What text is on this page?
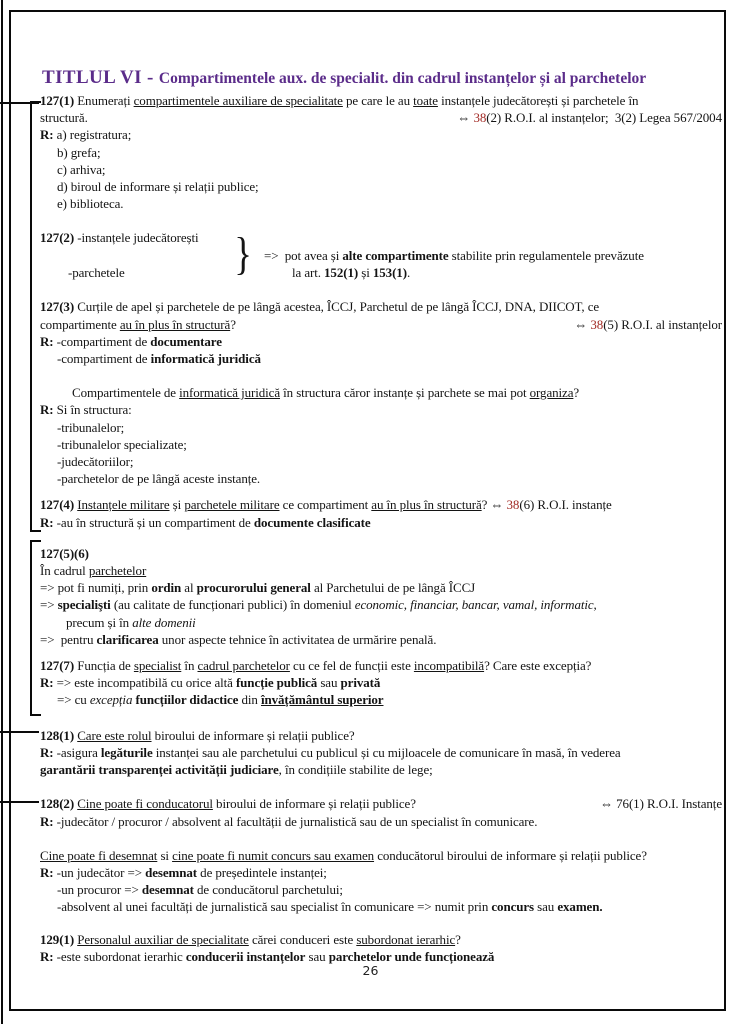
TITLUL VI - Compartimentele aux. de specialit. din cadrul instanțelor și al parchetelor
127(1) Enumerați compartimentele auxiliare de specialitate pe care le au toate instanțele judecătorești și parchetele în
structură.	⇔ 38(2) R.O.I. al instanțelor;  3(2) Legea 567/2004
R: a) registratura;
b) grefa;
c) arhiva;
d) biroul de informare și relații publice;
e) biblioteca.
127(2) -instanțele judecătorești
-parchetele	} =>  pot avea și alte compartimente stabilite prin regulamentele prevăzute
la art. 152(1) și 153(1).
127(3) Curțile de apel și parchetele de pe lângă acestea, ÎCCJ, Parchetul de pe lângă ÎCCJ, DNA, DIICOT, ce
compartimente au în plus în structură?	⇔ 38(5) R.O.I. al instanțelor
R: -compartiment de documentare
-compartiment de informatică juridică
Compartimentele de informatică juridică în structura căror instanțe și parchete se mai pot organiza?
R: Si în structura:
-tribunalelor;
-tribunalelor specializate;
-judecătoriilor;
-parchetelor de pe lângă aceste instanțe.
127(4) Instanțele militare și parchetele militare ce compartiment au în plus în structură? ⇔ 38(6) R.O.I. instanțe
R: -au în structură și un compartiment de documente clasificate
127(5)(6)
În cadrul parchetelor
=> pot fi numiți, prin ordin al procurorului general al Parchetului de pe lângă ÎCCJ
=> specialişti (au calitate de funcționari publici) în domeniul economic, financiar, bancar, vamal, informatic,
precum și în alte domenii
=>  pentru clarificarea unor aspecte tehnice în activitatea de urmărire penală.
127(7) Funcția de specialist în cadrul parchetelor cu ce fel de funcții este incompatibilă? Care este excepția?
R: => este incompatibilă cu orice altă funcție publică sau privată
=> cu excepția funcțiilor didactice din învățământul superior
128(1) Care este rolul biroului de informare și relații publice?
R: -asigura legăturile instanței sau ale parchetului cu publicul și cu mijloacele de comunicare în masă, în vederea
garantării transparenței activității judiciare, în condițiile stabilite de lege;
128(2) Cine poate fi conducatorul biroului de informare și relații publice?	⇔ 76(1) R.O.I. Instanțe
R: -judecător / procuror / absolvent al facultății de jurnalistică sau de un specialist în comunicare.
Cine poate fi desemnat si cine poate fi numit concurs sau examen conducătorul biroului de informare și relații publice?
R: -un judecător => desemnat de președintele instanței;
-un procuror => desemnat de conducătorul parchetului;
-absolvent al unei facultăți de jurnalistică sau specialist în comunicare => numit prin concurs sau examen.
129(1) Personalul auxiliar de specialitate cărei conduceri este subordonat ierarhic?
R: -este subordonat ierarhic conducerii instanțelor sau parchetelor unde funcționează
26
